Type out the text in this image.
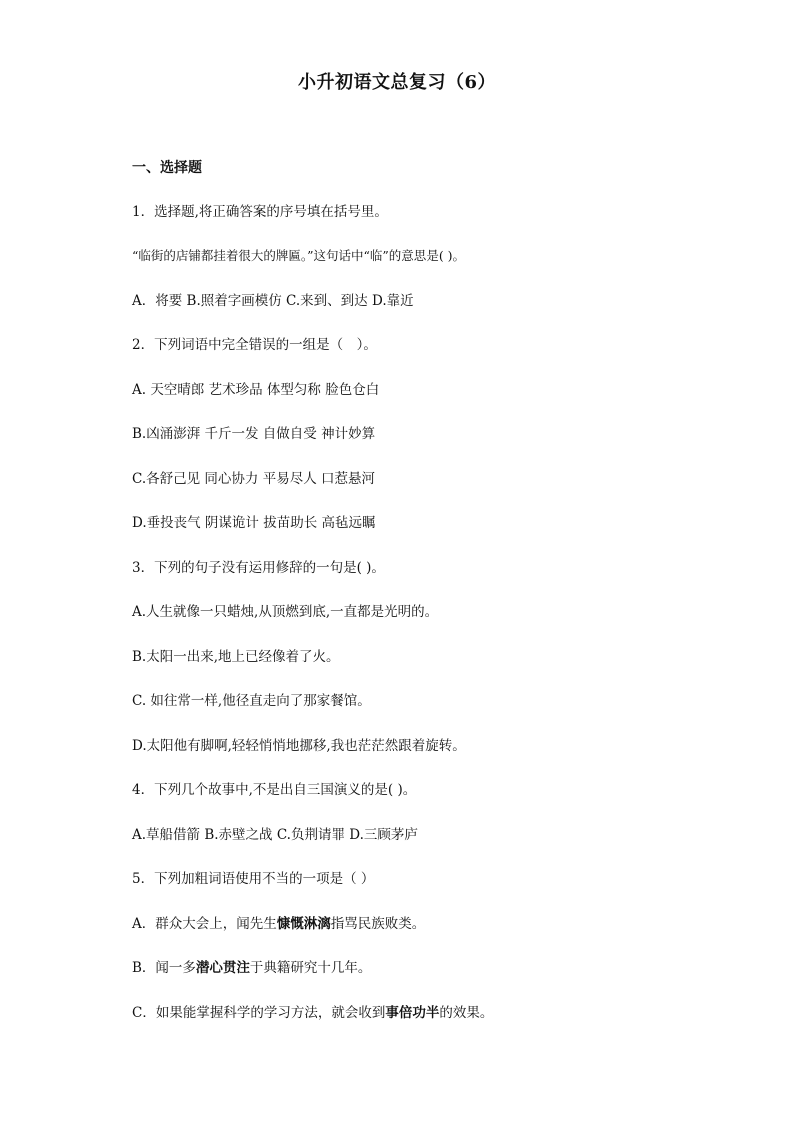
小升初语文总复习（6）
一、选择题
1．选择题,将正确答案的序号填在括号里。
“临街的店铺都挂着很大的牌匾。”这句话中“临”的意思是( )。
A．将要 B.照着字画模仿 C.来到、到达 D.靠近
2．下列词语中完全错误的一组是（　）。
A. 天空晴郎 艺术珍品 体型匀称 脸色仓白
B.凶涌澎湃 千斤一发 自做自受 神计妙算
C.各舒己见 同心协力 平易尽人 口惹悬河
D.垂投丧气 阴谋诡计 拔苗助长 高毡远瞩
3．下列的句子没有运用修辞的一句是( )。
A.人生就像一只蜡烛,从顶燃到底,一直都是光明的。
B.太阳一出来,地上已经像着了火。
C. 如往常一样,他径直走向了那家餐馆。
D.太阳他有脚啊,轻轻悄悄地挪移,我也茫茫然跟着旋转。
4．下列几个故事中,不是出自三国演义的是( )。
A.草船借箭 B.赤壁之战 C.负荆请罪 D.三顾茅庐
5．下列加粗词语使用不当的一项是（ ）
A．群众大会上，闻先生慷慨淋漓指骂民族败类。
B．闻一多潜心贯注于典籍研究十几年。
C．如果能掌握科学的学习方法，就会收到事倍功半的效果。
